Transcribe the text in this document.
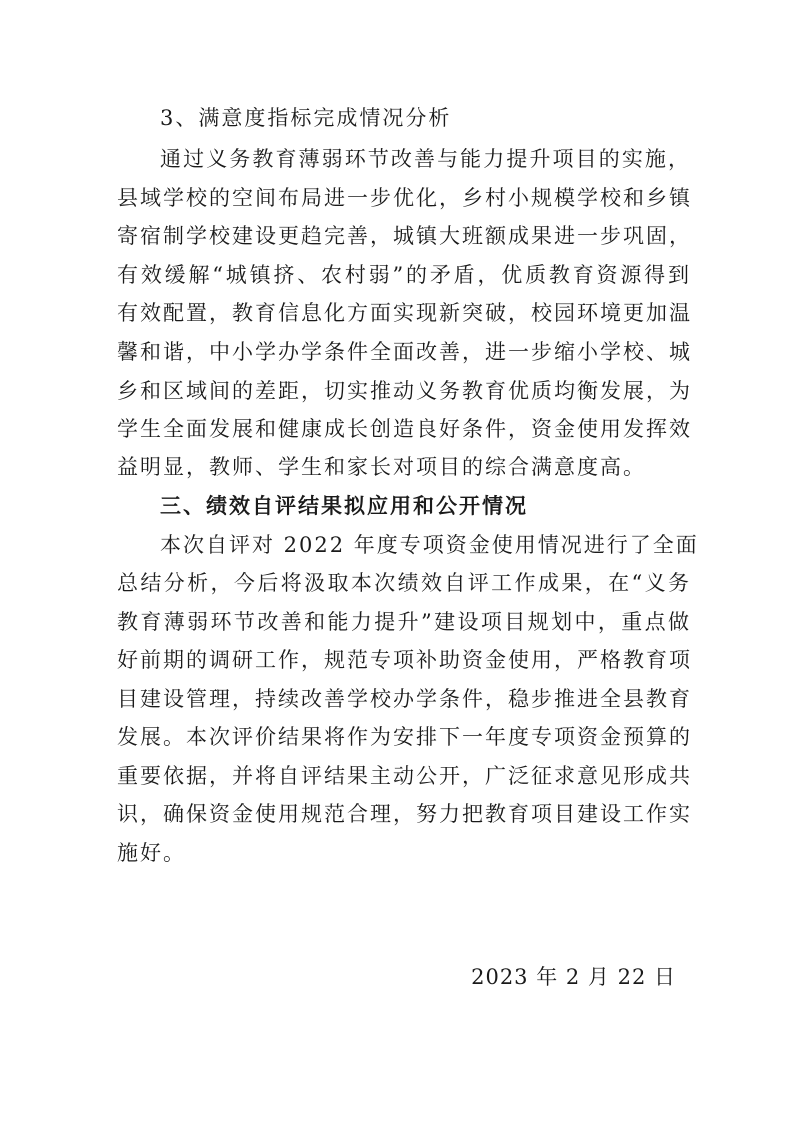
3、满意度指标完成情况分析
通过义务教育薄弱环节改善与能力提升项目的实施，
县域学校的空间布局进一步优化，乡村小规模学校和乡镇
寄宿制学校建设更趋完善，城镇大班额成果进一步巩固，
有效缓解“城镇挤、农村弱”的矛盾，优质教育资源得到
有效配置，教育信息化方面实现新突破，校园环境更加温
馨和谐，中小学办学条件全面改善，进一步缩小学校、城
乡和区域间的差距，切实推动义务教育优质均衡发展，为
学生全面发展和健康成长创造良好条件，资金使用发挥效
益明显，教师、学生和家长对项目的综合满意度高。
三、绩效自评结果拟应用和公开情况
本次自评对 2022 年度专项资金使用情况进行了全面
总结分析，今后将汲取本次绩效自评工作成果，在“义务
教育薄弱环节改善和能力提升”建设项目规划中，重点做
好前期的调研工作，规范专项补助资金使用，严格教育项
目建设管理，持续改善学校办学条件，稳步推进全县教育
发展。本次评价结果将作为安排下一年度专项资金预算的
重要依据，并将自评结果主动公开，广泛征求意见形成共
识，确保资金使用规范合理，努力把教育项目建设工作实
施好。
2023 年 2 月 22 日
